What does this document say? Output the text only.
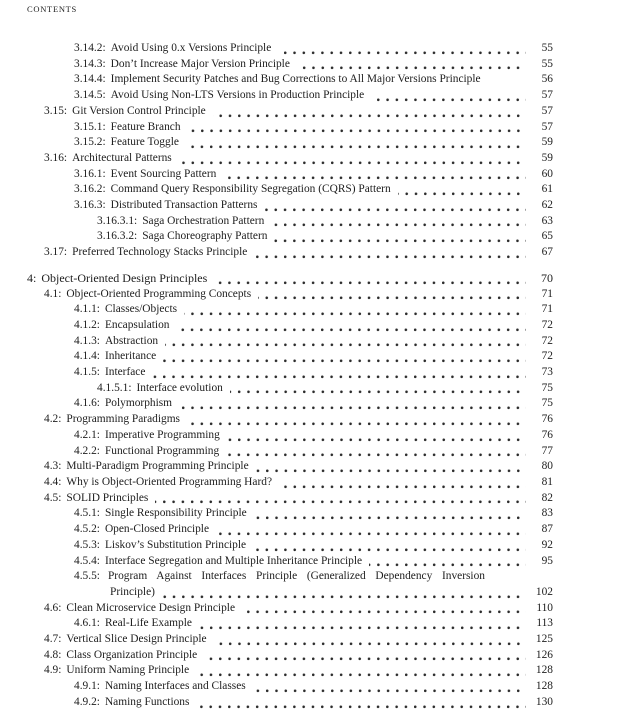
CONTENTS
3.14.2: Avoid Using 0.x Versions Principle	55
3.14.3: Don’t Increase Major Version Principle	55
3.14.4: Implement Security Patches and Bug Corrections to All Major Versions Principle	56
3.14.5: Avoid Using Non-LTS Versions in Production Principle	57
3.15: Git Version Control Principle	57
3.15.1: Feature Branch	57
3.15.2: Feature Toggle	59
3.16: Architectural Patterns	59
3.16.1: Event Sourcing Pattern	60
3.16.2: Command Query Responsibility Segregation (CQRS) Pattern	61
3.16.3: Distributed Transaction Patterns	62
3.16.3.1: Saga Orchestration Pattern	63
3.16.3.2: Saga Choreography Pattern	65
3.17: Preferred Technology Stacks Principle	67
4: Object-Oriented Design Principles	70
4.1: Object-Oriented Programming Concepts	71
4.1.1: Classes/Objects	71
4.1.2: Encapsulation	72
4.1.3: Abstraction	72
4.1.4: Inheritance	72
4.1.5: Interface	73
4.1.5.1: Interface evolution	75
4.1.6: Polymorphism	75
4.2: Programming Paradigms	76
4.2.1: Imperative Programming	76
4.2.2: Functional Programming	77
4.3: Multi-Paradigm Programming Principle	80
4.4: Why is Object-Oriented Programming Hard?	81
4.5: SOLID Principles	82
4.5.1: Single Responsibility Principle	83
4.5.2: Open-Closed Principle	87
4.5.3: Liskov’s Substitution Principle	92
4.5.4: Interface Segregation and Multiple Inheritance Principle	95
4.5.5: Program Against Interfaces Principle (Generalized Dependency Inversion
Principle)	102
4.6: Clean Microservice Design Principle	110
4.6.1: Real-Life Example	113
4.7: Vertical Slice Design Principle	125
4.8: Class Organization Principle	126
4.9: Uniform Naming Principle	128
4.9.1: Naming Interfaces and Classes	128
4.9.2: Naming Functions	130
